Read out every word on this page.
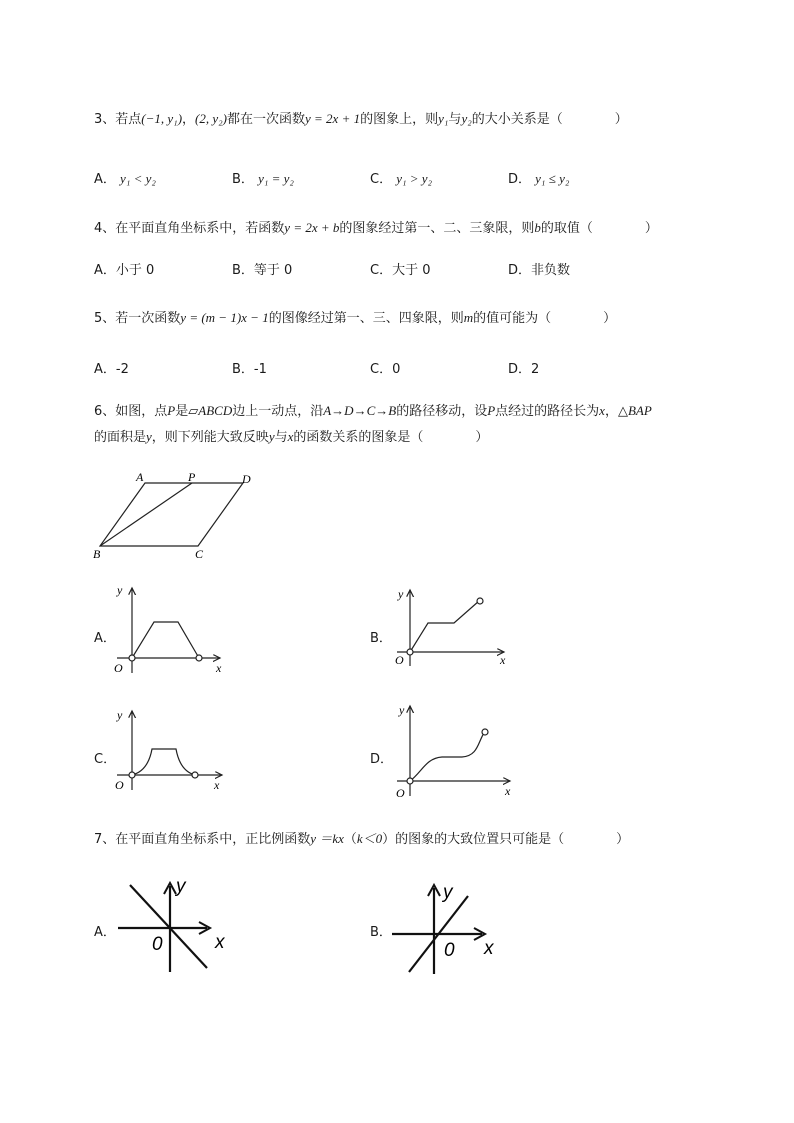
3、若点(−1, y₁)，(2, y₂)都在一次函数y = 2x + 1的图象上，则y₁与y₂的大小关系是（　　　　）
A． y₁ < y₂	B． y₁ = y₂	C． y₁ > y₂	D． y₁ ≤ y₂
4、在平面直角坐标系中，若函数y = 2x + b的图象经过第一、二、三象限，则b的取值（　　　　）
A．小于 0	B．等于 0	C．大于 0	D．非负数
5、若一次函数y = (m − 1)x − 1的图像经过第一、三、四象限，则m的值可能为（　　　　）
A．-2	B．-1	C．0	D．2
6、如图，点P是▱ABCD边上一动点，沿A→D→C→B的路径移动，设P点经过的路径长为x，△BAP
的面积是y，则下列能大致反映y与x的函数关系的图象是（　　　　）
A	P	D
B	C
A．
y
x
O
B．
y
x
O
C．
y
x
O
D．
y
x
O
7、在平面直角坐标系中，正比例函数y ＝kx（k＜0）的图象的大致位置只可能是（　　　　）
A．
y
x
0
B．
y
x
0
